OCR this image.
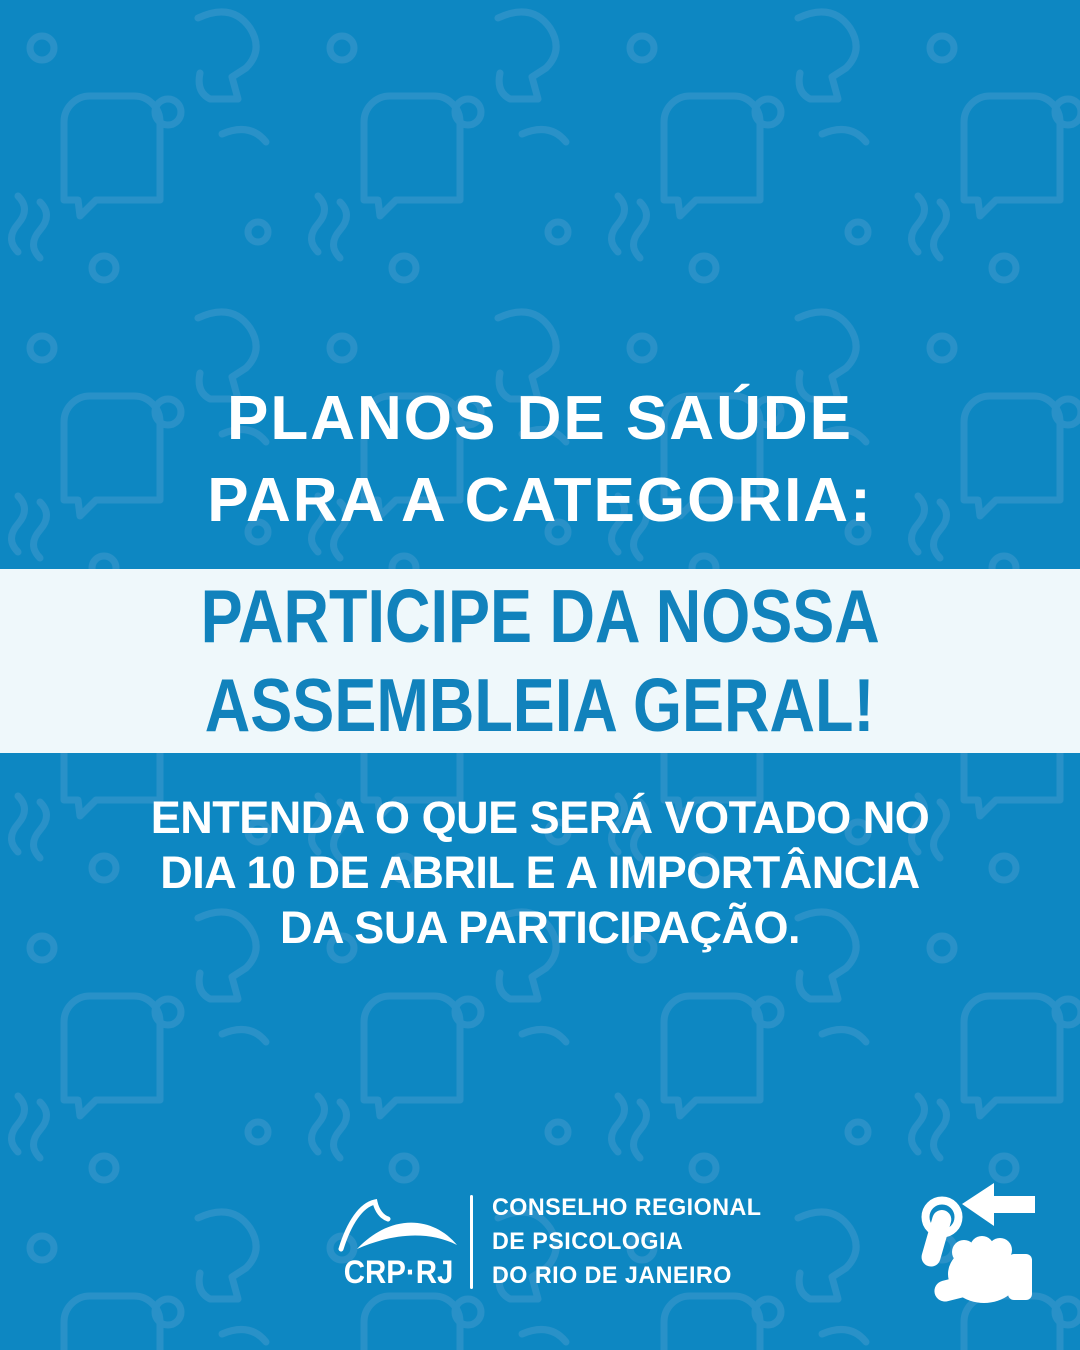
PLANOS DE SAÚDE
PARA A CATEGORIA:
PARTICIPE DA NOSSA
ASSEMBLEIA GERAL!
ENTENDA O QUE SERÁ VOTADO NO
DIA 10 DE ABRIL E A IMPORTÂNCIA
DA SUA PARTICIPAÇÃO.
CRP·RJ
CONSELHO REGIONAL
DE PSICOLOGIA
DO RIO DE JANEIRO
